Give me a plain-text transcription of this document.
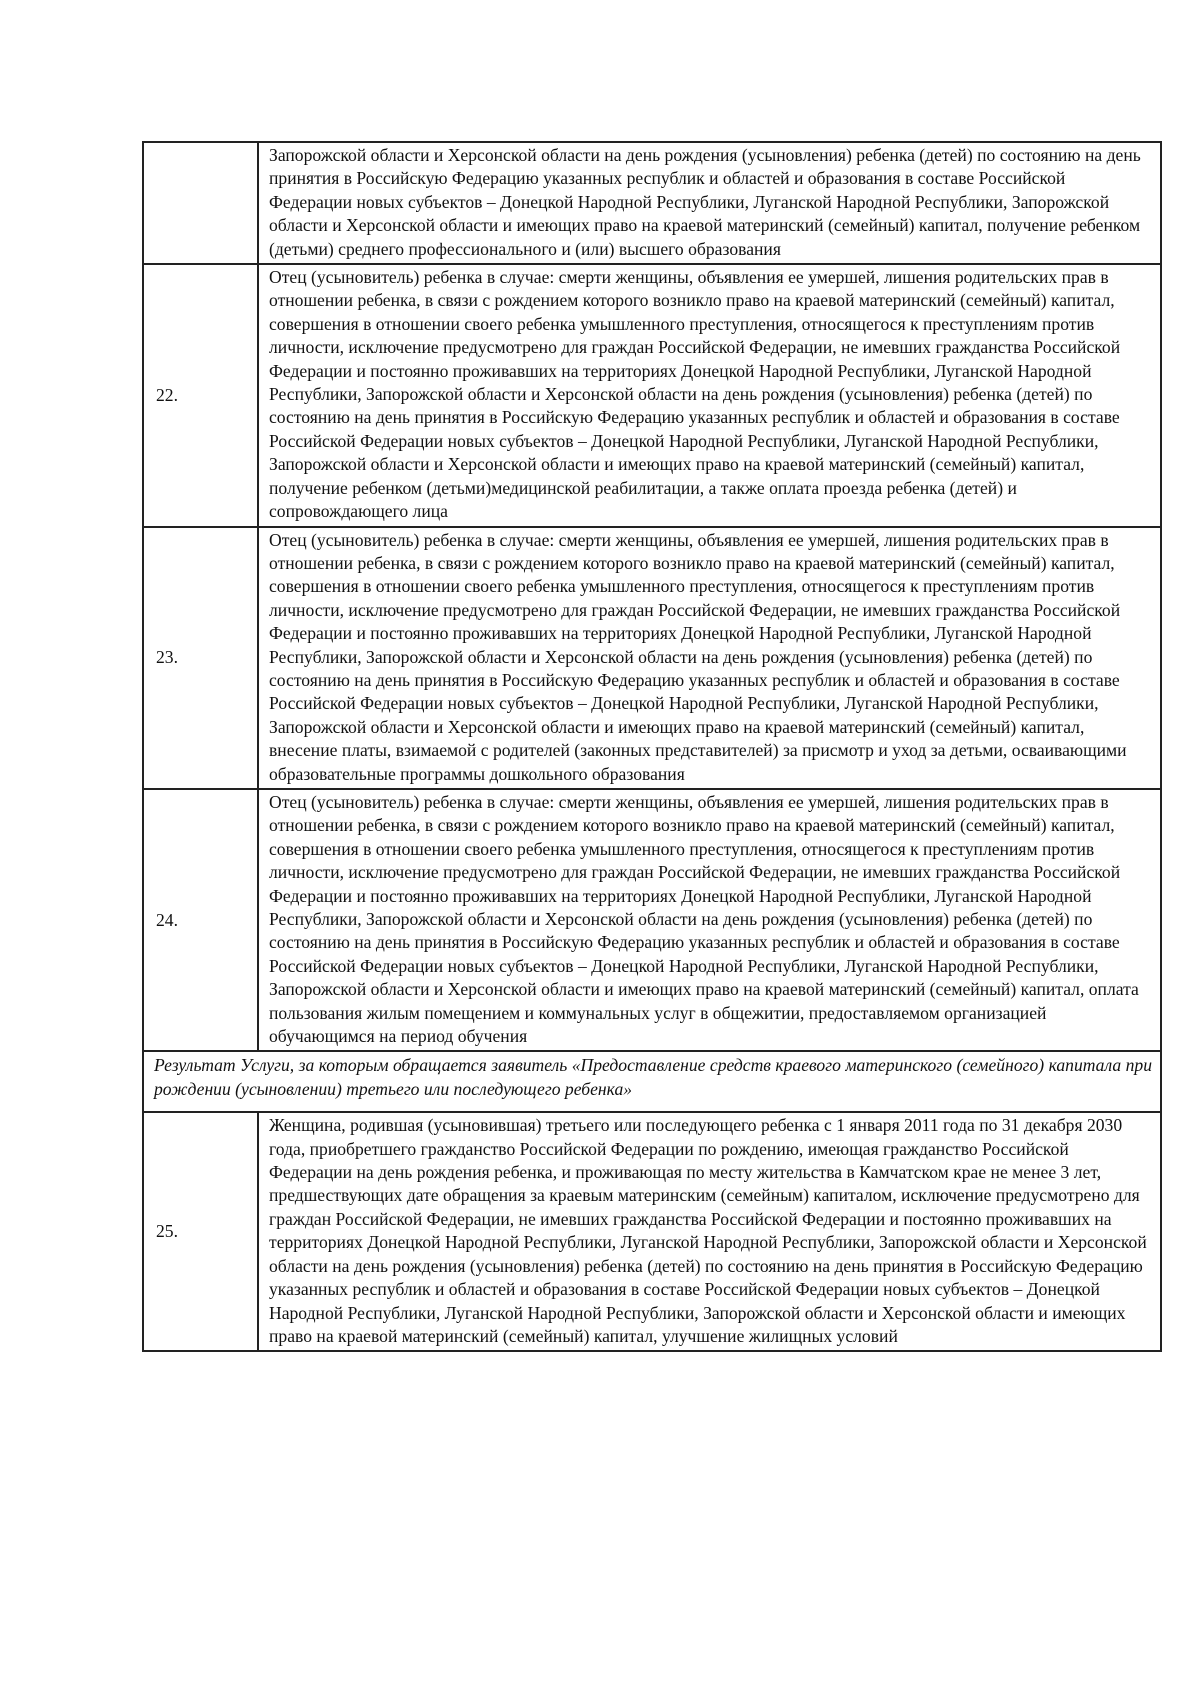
	Запорожской области и Херсонской области на день рождения (усыновления) ребенка (детей) по состоянию на день принятия в Российскую Федерацию указанных республик и областей и образования в составе Российской Федерации новых субъектов – Донецкой Народной Республики, Луганской Народной Республики, Запорожской области и Херсонской области и имеющих право на краевой материнский (семейный) капитал, получение ребенком (детьми) среднего профессионального и (или) высшего образования

22.	Отец (усыновитель) ребенка в случае: смерти женщины, объявления ее умершей, лишения родительских прав в отношении ребенка, в связи с рождением которого возникло право на краевой материнский (семейный) капитал, совершения в отношении своего ребенка умышленного преступления, относящегося к преступлениям против личности, исключение предусмотрено для граждан Российской Федерации, не имевших гражданства Российской Федерации и постоянно проживавших на территориях Донецкой Народной Республики, Луганской Народной Республики, Запорожской области и Херсонской области на день рождения (усыновления) ребенка (детей) по состоянию на день принятия в Российскую Федерацию указанных республик и областей и образования в составе Российской Федерации новых субъектов – Донецкой Народной Республики, Луганской Народной Республики, Запорожской области и Херсонской области и имеющих право на краевой материнский (семейный) капитал, получение ребенком (детьми)медицинской реабилитации, а также оплата проезда ребенка (детей) и сопровождающего лица

23.	Отец (усыновитель) ребенка в случае: смерти женщины, объявления ее умершей, лишения родительских прав в отношении ребенка, в связи с рождением которого возникло право на краевой материнский (семейный) капитал, совершения в отношении своего ребенка умышленного преступления, относящегося к преступлениям против личности, исключение предусмотрено для граждан Российской Федерации, не имевших гражданства Российской Федерации и постоянно проживавших на территориях Донецкой Народной Республики, Луганской Народной Республики, Запорожской области и Херсонской области на день рождения (усыновления) ребенка (детей) по состоянию на день принятия в Российскую Федерацию указанных республик и областей и образования в составе Российской Федерации новых субъектов – Донецкой Народной Республики, Луганской Народной Республики, Запорожской области и Херсонской области и имеющих право на краевой материнский (семейный) капитал, внесение платы, взимаемой с родителей (законных представителей) за присмотр и уход за детьми, осваивающими образовательные программы дошкольного образования

24.	Отец (усыновитель) ребенка в случае: смерти женщины, объявления ее умершей, лишения родительских прав в отношении ребенка, в связи с рождением которого возникло право на краевой материнский (семейный) капитал, совершения в отношении своего ребенка умышленного преступления, относящегося к преступлениям против личности, исключение предусмотрено для граждан Российской Федерации, не имевших гражданства Российской Федерации и постоянно проживавших на территориях Донецкой Народной Республики, Луганской Народной Республики, Запорожской области и Херсонской области на день рождения (усыновления) ребенка (детей) по состоянию на день принятия в Российскую Федерацию указанных республик и областей и образования в составе Российской Федерации новых субъектов – Донецкой Народной Республики, Луганской Народной Республики, Запорожской области и Херсонской области и имеющих право на краевой материнский (семейный) капитал, оплата пользования жилым помещением и коммунальных услуг в общежитии, предоставляемом организацией обучающимся на период обучения

Результат Услуги, за которым обращается заявитель «Предоставление средств краевого материнского (семейного) капитала при рождении (усыновлении) третьего или последующего ребенка»	
25.	Женщина, родившая (усыновившая) третьего или последующего ребенка с 1 января 2011 года по 31 декабря 2030 года, приобретшего гражданство Российской Федерации по рождению, имеющая гражданство Российской Федерации на день рождения ребенка, и проживающая по месту жительства в Камчатском крае не менее 3 лет, предшествующих дате обращения за краевым материнским (семейным) капиталом, исключение предусмотрено для граждан Российской Федерации, не имевших гражданства Российской Федерации и постоянно проживавших на территориях Донецкой Народной Республики, Луганской Народной Республики, Запорожской области и Херсонской области на день рождения (усыновления) ребенка (детей) по состоянию на день принятия в Российскую Федерацию указанных республик и областей и образования в составе Российской Федерации новых субъектов – Донецкой Народной Республики, Луганской Народной Республики, Запорожской области и Херсонской области и имеющих право на краевой материнский (семейный) капитал, улучшение жилищных условий
